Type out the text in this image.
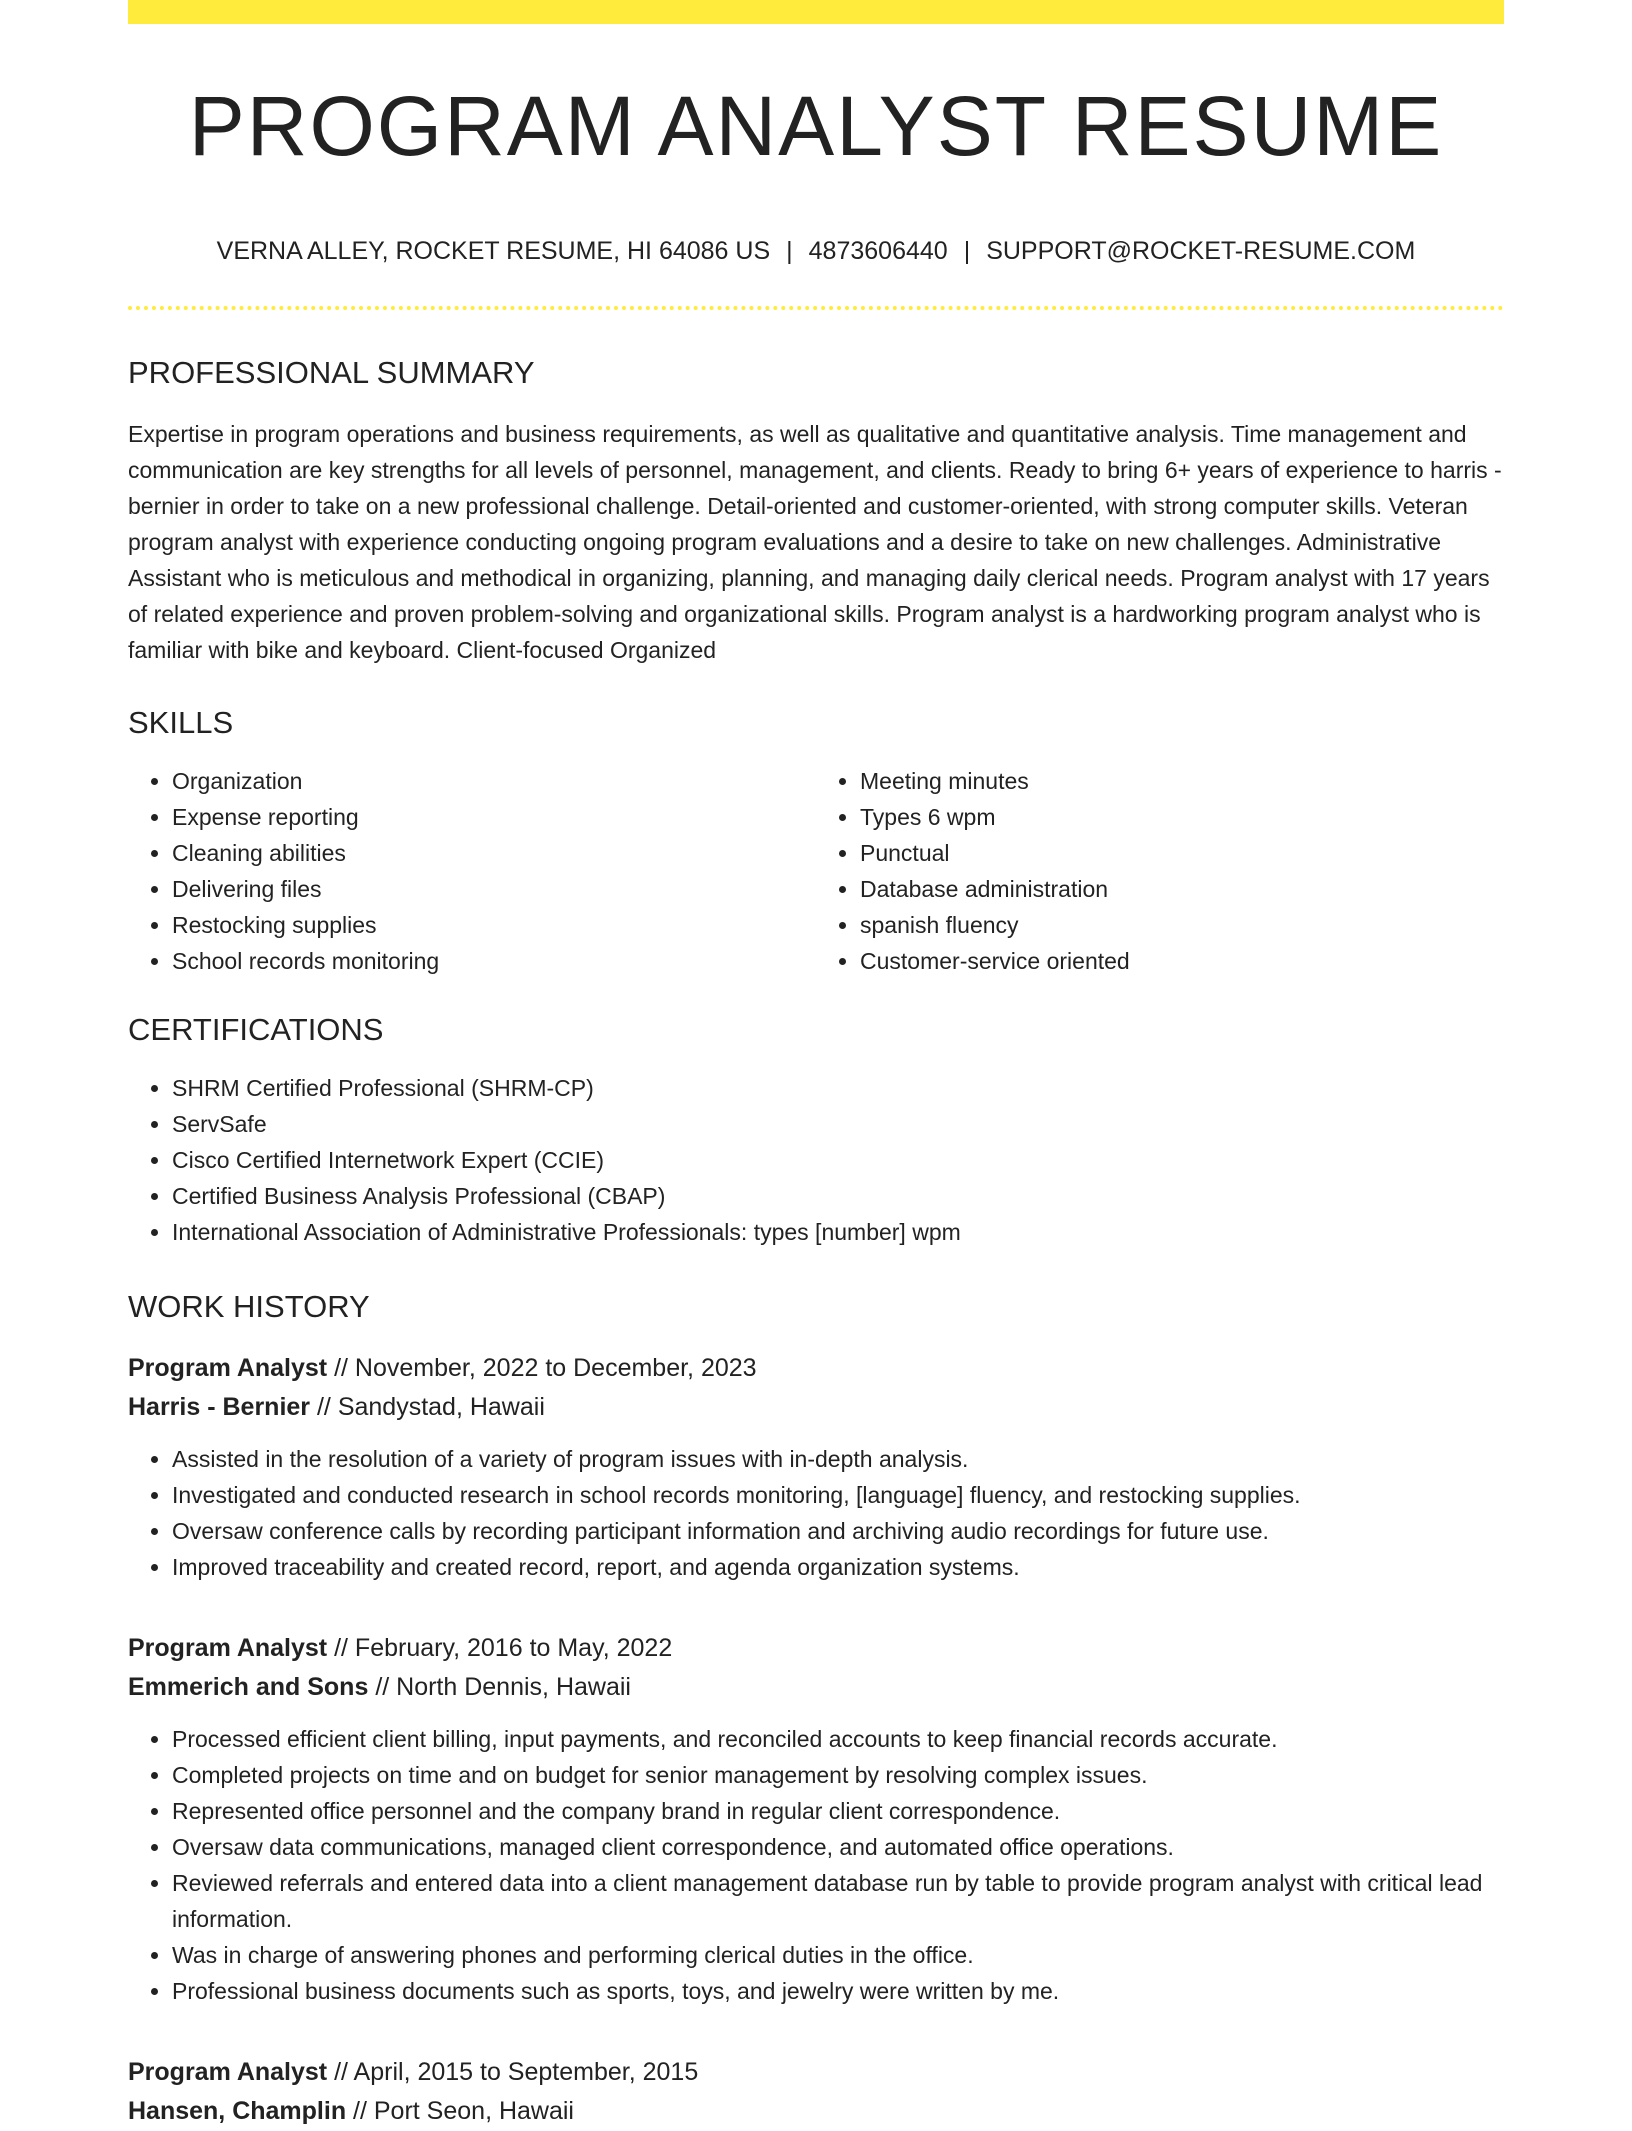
PROGRAM ANALYST RESUME
VERNA ALLEY, ROCKET RESUME, HI 64086 US | 4873606440 | SUPPORT@ROCKET-RESUME.COM
PROFESSIONAL SUMMARY

Expertise in program operations and business requirements, as well as qualitative and quantitative analysis. Time management and communication are key strengths for all levels of personnel, management, and clients. Ready to bring 6+ years of experience to harris - bernier in order to take on a new professional challenge. Detail-oriented and customer-oriented, with strong computer skills. Veteran program analyst with experience conducting ongoing program evaluations and a desire to take on new challenges. Administrative Assistant who is meticulous and methodical in organizing, planning, and managing daily clerical needs. Program analyst with 17 years of related experience and proven problem-solving and organizational skills. Program analyst is a hardworking program analyst who is familiar with bike and keyboard. Client-focused Organized

SKILLS
• Organization
• Expense reporting
• Cleaning abilities
• Delivering files
• Restocking supplies
• School records monitoring
• Meeting minutes
• Types 6 wpm
• Punctual
• Database administration
• spanish fluency
• Customer-service oriented
CERTIFICATIONS
• SHRM Certified Professional (SHRM-CP)
• ServSafe
• Cisco Certified Internetwork Expert (CCIE)
• Certified Business Analysis Professional (CBAP)
• International Association of Administrative Professionals: types [number] wpm
WORK HISTORY
Program Analyst // November, 2022 to December, 2023
Harris - Bernier // Sandystad, Hawaii
• Assisted in the resolution of a variety of program issues with in-depth analysis.
• Investigated and conducted research in school records monitoring, [language] fluency, and restocking supplies.
• Oversaw conference calls by recording participant information and archiving audio recordings for future use.
• Improved traceability and created record, report, and agenda organization systems.
Program Analyst // February, 2016 to May, 2022
Emmerich and Sons // North Dennis, Hawaii
• Processed efficient client billing, input payments, and reconciled accounts to keep financial records accurate.
• Completed projects on time and on budget for senior management by resolving complex issues.
• Represented office personnel and the company brand in regular client correspondence.
• Oversaw data communications, managed client correspondence, and automated office operations.
• Reviewed referrals and entered data into a client management database run by table to provide program analyst with critical lead information.
• Was in charge of answering phones and performing clerical duties in the office.
• Professional business documents such as sports, toys, and jewelry were written by me.
Program Analyst // April, 2015 to September, 2015
Hansen, Champlin // Port Seon, Hawaii
